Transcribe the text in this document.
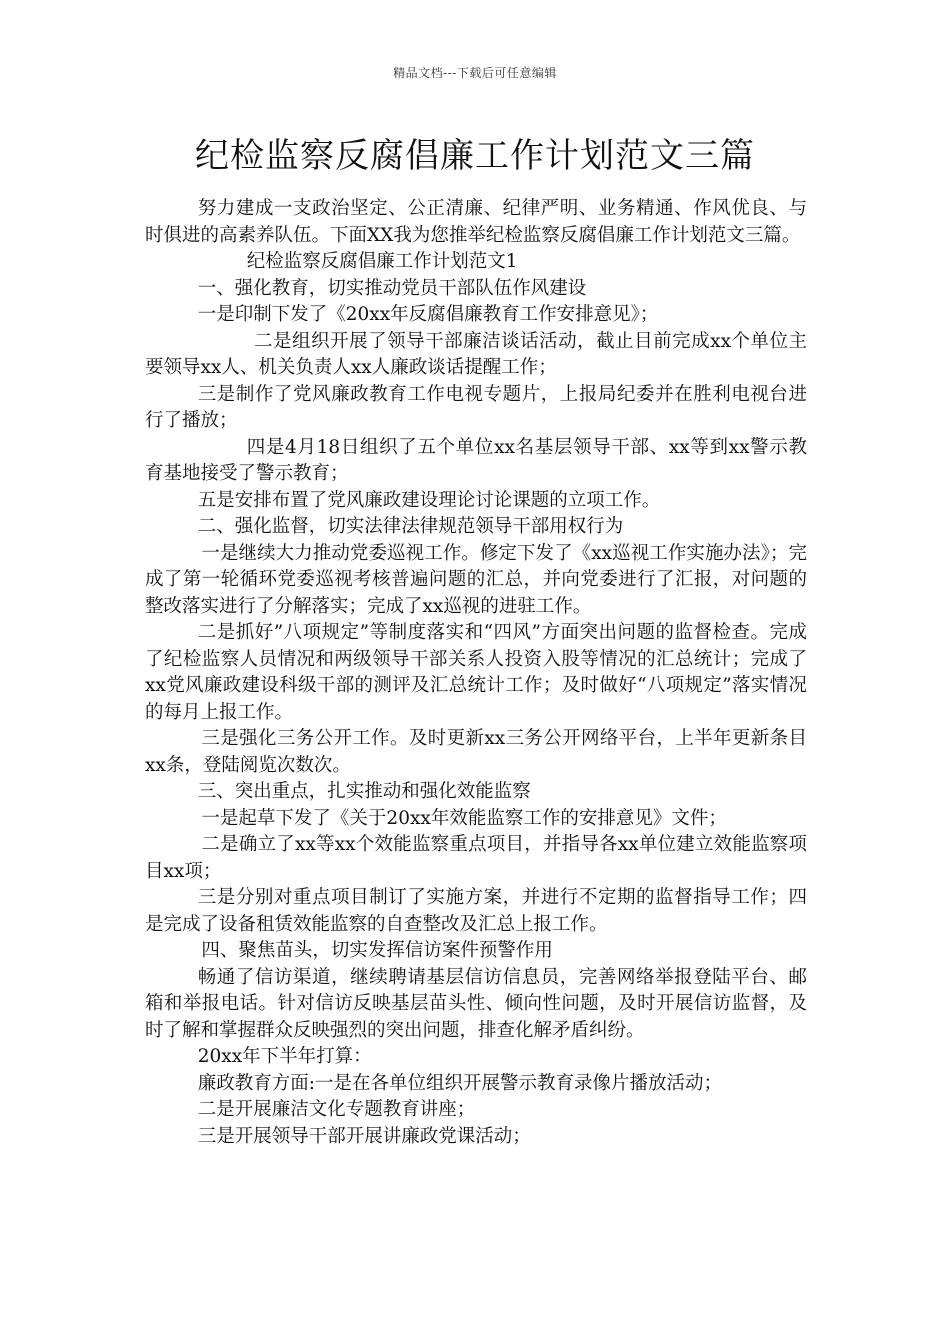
精品文档---下载后可任意编辑
纪检监察反腐倡廉工作计划范文三篇

努力建成一支政治坚定、公正清廉、纪律严明、业务精通、作风优良、与时俱进的高素养队伍。下面XX我为您推举纪检监察反腐倡廉工作计划范文三篇。

纪检监察反腐倡廉工作计划范文1

一、强化教育，切实推动党员干部队伍作风建设

一是印制下发了《20xx年反腐倡廉教育工作安排意见》；

二是组织开展了领导干部廉洁谈话活动，截止目前完成xx个单位主要领导xx人、机关负责人xx人廉政谈话提醒工作；

三是制作了党风廉政教育工作电视专题片，上报局纪委并在胜利电视台进行了播放；

四是4月18日组织了五个单位xx名基层领导干部、xx等到xx警示教育基地接受了警示教育；

五是安排布置了党风廉政建设理论讨论课题的立项工作。

二、强化监督，切实法律法律规范领导干部用权行为

一是继续大力推动党委巡视工作。修定下发了《xx巡视工作实施办法》；完成了第一轮循环党委巡视考核普遍问题的汇总，并向党委进行了汇报，对问题的整改落实进行了分解落实；完成了xx巡视的进驻工作。

二是抓好”八项规定”等制度落实和“四风”方面突出问题的监督检查。完成了纪检监察人员情况和两级领导干部关系人投资入股等情况的汇总统计；完成了xx党风廉政建设科级干部的测评及汇总统计工作；及时做好“八项规定”落实情况的每月上报工作。

三是强化三务公开工作。及时更新xx三务公开网络平台，上半年更新条目xx条，登陆阅览次数次。

三、突出重点，扎实推动和强化效能监察

一是起草下发了《关于20xx年效能监察工作的安排意见》文件；

二是确立了xx等xx个效能监察重点项目，并指导各xx单位建立效能监察项目xx项；

三是分别对重点项目制订了实施方案，并进行不定期的监督指导工作；四是完成了设备租赁效能监察的自查整改及汇总上报工作。

四、聚焦苗头，切实发挥信访案件预警作用

畅通了信访渠道，继续聘请基层信访信息员，完善网络举报登陆平台、邮箱和举报电话。针对信访反映基层苗头性、倾向性问题，及时开展信访监督，及时了解和掌握群众反映强烈的突出问题，排查化解矛盾纠纷。

20xx年下半年打算：

廉政教育方面:一是在各单位组织开展警示教育录像片播放活动；

二是开展廉洁文化专题教育讲座；

三是开展领导干部开展讲廉政党课活动；
